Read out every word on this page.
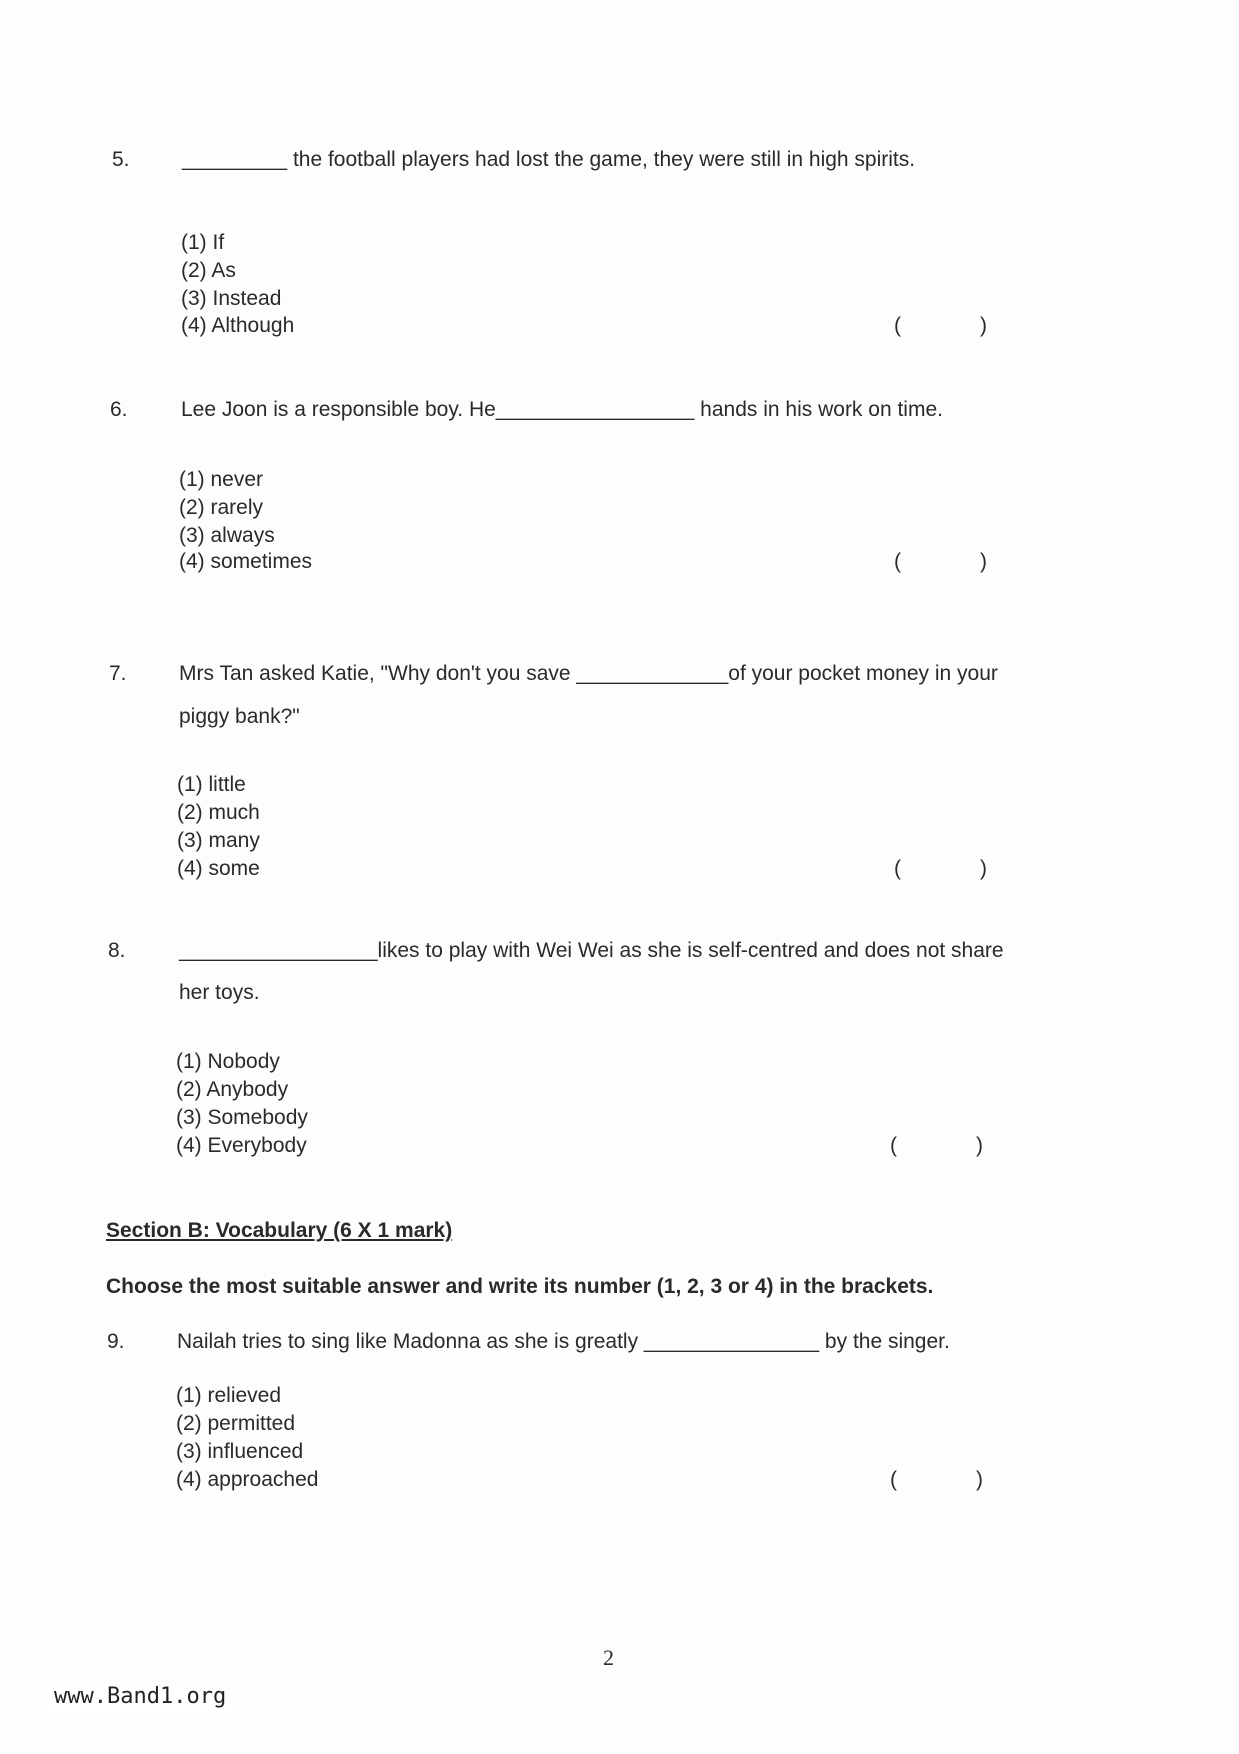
Section B: Vocabulary (6 X 1 mark)
Choose the most suitable answer and write its number (1, 2, 3 or 4) in the brackets.
2
www.Band1.org
5. _________ the football players had lost the game, they were still in high spirits.
(1) If
(2) As
(3) Instead
(4) Although	(	)
6.	Lee Joon is a responsible boy. He_________________ hands in his work on time.
(1) never
(2) rarely
(3) always
(4) sometimes	(	)
7. Mrs Tan asked Katie, "Why don't you save _____________of your pocket money in your
piggy bank?"
(1) little
(2) much
(3) many
(4) some	(	)
8.	_________________likes to play with Wei Wei as she is self-centred and does not share
her toys.
(1) Nobody
(2) Anybody
(3) Somebody
(4) Everybody	(	)
9. Nailah tries to sing like Madonna as she is greatly _______________ by the singer.
(1) relieved
(2) permitted
(3) influenced
(4) approached	(	)
